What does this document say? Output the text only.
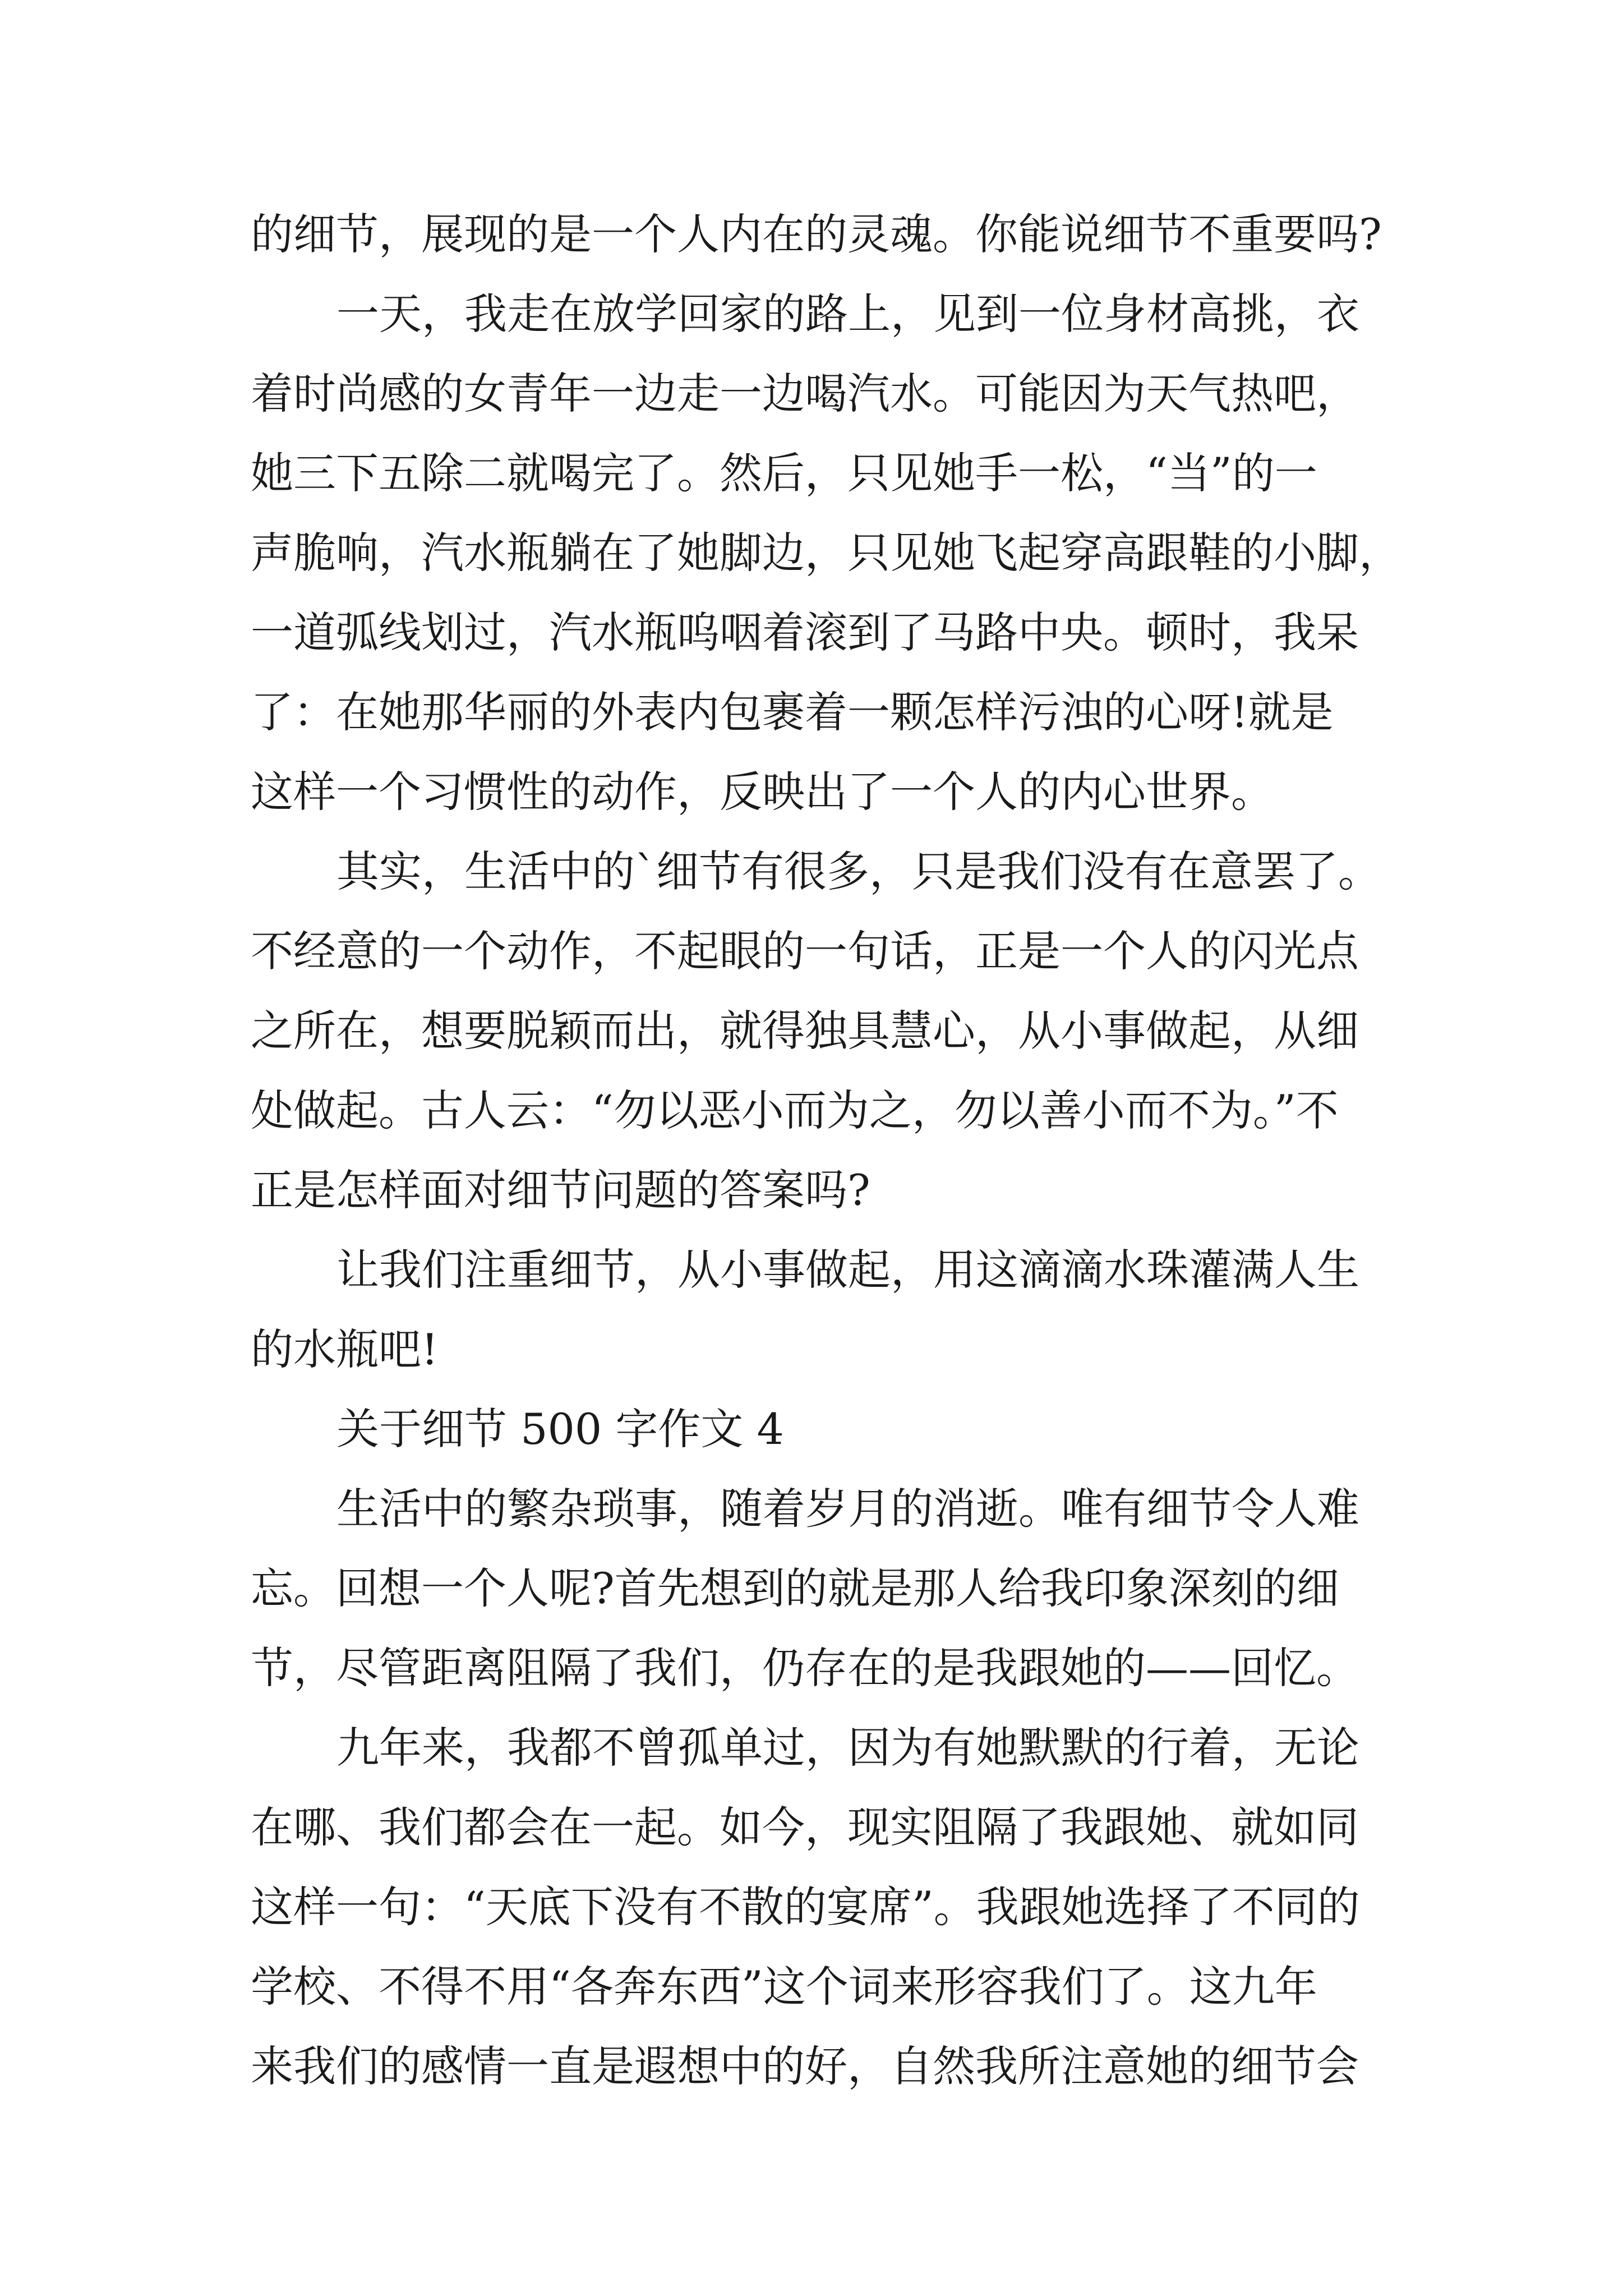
的细节，展现的是一个人内在的灵魂。你能说细节不重要吗?

一天，我走在放学回家的路上，见到一位身材高挑，衣

着时尚感的女青年一边走一边喝汽水。可能因为天气热吧，

她三下五除二就喝完了。然后，只见她手一松，“当”的一

声脆响，汽水瓶躺在了她脚边，只见她飞起穿高跟鞋的小脚，

一道弧线划过，汽水瓶呜咽着滚到了马路中央。顿时，我呆

了：在她那华丽的外表内包裹着一颗怎样污浊的心呀!就是

这样一个习惯性的动作，反映出了一个人的内心世界。

其实，生活中的`细节有很多，只是我们没有在意罢了。

不经意的一个动作，不起眼的一句话，正是一个人的闪光点

之所在，想要脱颖而出，就得独具慧心，从小事做起，从细

处做起。古人云：“勿以恶小而为之，勿以善小而不为。”不

正是怎样面对细节问题的答案吗?

让我们注重细节，从小事做起，用这滴滴水珠灌满人生

的水瓶吧!

关于细节 500 字作文 4

生活中的繁杂琐事，随着岁月的消逝。唯有细节令人难

忘。回想一个人呢?首先想到的就是那人给我印象深刻的细

节，尽管距离阻隔了我们，仍存在的是我跟她的——回忆。

九年来，我都不曾孤单过，因为有她默默的行着，无论

在哪、我们都会在一起。如今，现实阻隔了我跟她、就如同

这样一句：“天底下没有不散的宴席”。我跟她选择了不同的

学校、不得不用“各奔东西”这个词来形容我们了。这九年

来我们的感情一直是遐想中的好，自然我所注意她的细节会
